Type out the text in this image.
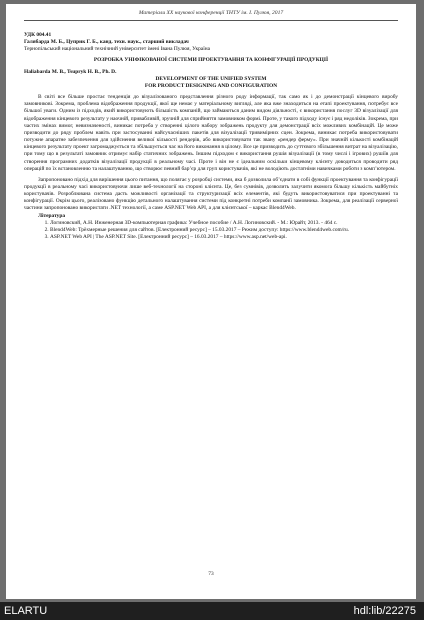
Матеріали XX наукової конференції ТНТУ ім. І. Пулюя, 2017

УДК 004.41

Галябарда М. Б., Цуприк Г. Б., канд. техн. наук., старший викладач

Тернопільський національний технічний університет імені Івана Пулюя, Україна

РОЗРОБКА УНІФІКОВАНОЇ СИСТЕМИ ПРОЕКТУВАННЯ ТА КОНФІГУРАЦІЇ ПРОДУКЦІЇ

Haliabarda M. B., Tsupryk H. B., Ph. D.

DEVELOPMENT OF THE UNIFIED SYSTEM

FOR PRODUCT DESIGNING AND CONFIGURATION

В світі все більше простає тенденція до візуалізованого представлення різного роду інформації, так само як і до демонстрації кінцевого виробу замовникові. Зокрема, проблема відображення продукції, якої ще немає у матеріальному вигляді, але яка вже знаходиться на етапі проектування, потребує все більшої уваги. Одним із підходів, який використовують більшість компаній, що займаються даним видом діяльності, є використання послуг 3D візуалізації для відображення кінцевого результату у наочній, привабливій, зручній для сприйняття замовником формі. Проте, у такого підходу існує і ряд недоліків. Зокрема, при частих змінах вимог, невизначеності, виникає потреба у створенні цілого набору зображень продукту для демонстрації всіх можливих комбінацій. Це може призводити до ряду проблем навіть при застосуванні найсучасніших пакетів для візуалізації тривимірних сцен. Зокрема, виникає потреба використовувати потужне апаратне забезпечення для здійснення великої кількості рендерів, або використовувати так звану «рендер ферму». При значній кількості комбінацій кінцевого результату проект загромаджується та збільшується час на його виконання в цілому. Все це призводить до суттєвого збільшення витрат на візуалізацію, при тому що в результаті замовник отримує набір статичних зображень. Іншим підходом є використання рушія візуалізації (в тому числі і ігрових) рушіїв для створення програмних додатків візуалізації продукції в реальному часі. Проте і він не є ідеальним оскільки кінцевому клієнту доводиться проводити ряд операцій по їх встановленню та налаштуванню, що створює певний бар’єр для груп користувачів, які не володіють достатніми навичками роботи з комп’ютером.

Запропоновано підхід для вирішення цього питання, що полягає у розробці системи, яка б дозволила об’єднати в собі функції проектування та конфігурації продукції в реальному часі використовуючи лише веб-технології на стороні клієнта. Це, без сумнівів, дозволить залучити якомога більшу кількість майбутніх користувачів. Розроблювана система дасть можливості організації та структуризації всіх елементів, які будуть використовуватися при проектуванні та конфігурації. Окрім цього, реалізовано функцію детального налаштування системи під конкретні потреби компанії замовника. Зокрема, для реалізації серверної частини запропоновано використати .NET технології, а саме ASP.NET Web API, а для клієнтської – каркас Blend4Web.

Література

1. Логиновский, А.Н. Инженерная 3D-компьютерная графика: Учебное пособие / А.Н. Логиновский. - М.: Юрайт, 2013. - 464 с.
2. Blend4Web: Трёхмерные решения для сайтов. [Електронний ресурс] – 15.03.2017 – Режим доступу: https://www.blend4web.com/ru.
3. ASP.NET Web API | The ASP.NET Site. [Електронний ресурс] – 16.03.2017 – https://www.asp.net/web-api.
73
ELARTU	hdl:lib/22275
